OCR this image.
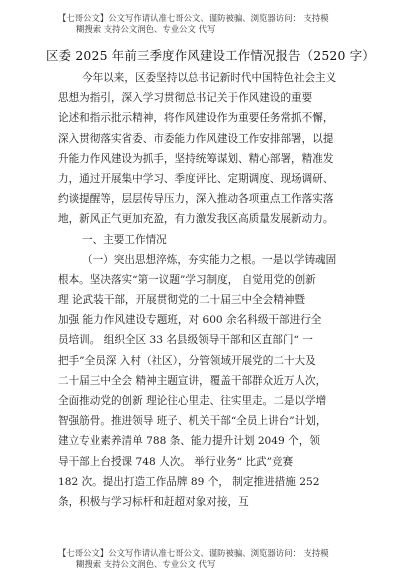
【七哥公文】公文写作请认准七哥公文、谨防被骗、浏览器访问： 支持模
糊搜索 支持公文润色、专业公文 代写
区委 2025 年前三季度作风建设工作情况报告（2520 字）
今年以来，区委坚持以总书记新时代中国特色社会主义
思想为指引，深入学习贯彻总书记关于作风建设的重要
论述和指示批示精神，将作风建设作为重要任务常抓不懈，
深入贯彻落实省委、市委能力作风建设工作安排部署，以提
升能力作风建设为抓手，坚持统筹谋划、精心部署，精准发
力，通过开展集中学习、季度评比、定期调度、现场调研、
约谈提醒等，层层传导压力，深入推动各项重点工作落实落
地，新风正气更加充盈，有力激发我区高质量发展新动力。
一、主要工作情况
（一）突出思想淬炼，夯实能力之根。一是以学铸魂固
根本。坚决落实“第一议题”学习制度， 自觉用党的创新
理 论武装干部，开展贯彻党的二十届三中全会精神暨
加强 能力作风建设专题班，对 600 余名科级干部进行全
员培训。 组织全区 33 名县级领导干部和区直部门“ 一
把手”全员深 入村（社区），分管领域开展党的二十大及
二十届三中全会 精神主题宣讲，覆盖干部群众近万人次，
全面推动党的创新 理论往心里走、往实里走。二是以学增
智强筋骨。推进领导 班子、机关干部“全员上讲台”计划，
建立专业素养清单 788 条、能力提升计划 2049 个，领
导干部上台授课 748 人次。 举行业务“ 比武”竞赛
182 次。提出打造工作品牌 89 个， 制定推进措施 252
条，积极与学习标杆和赶超对象对接，互
【七哥公文】公文写作请认准七哥公文、谨防被骗、浏览器访问： 支持模
糊搜索 支持公文润色、专业公文 代写
